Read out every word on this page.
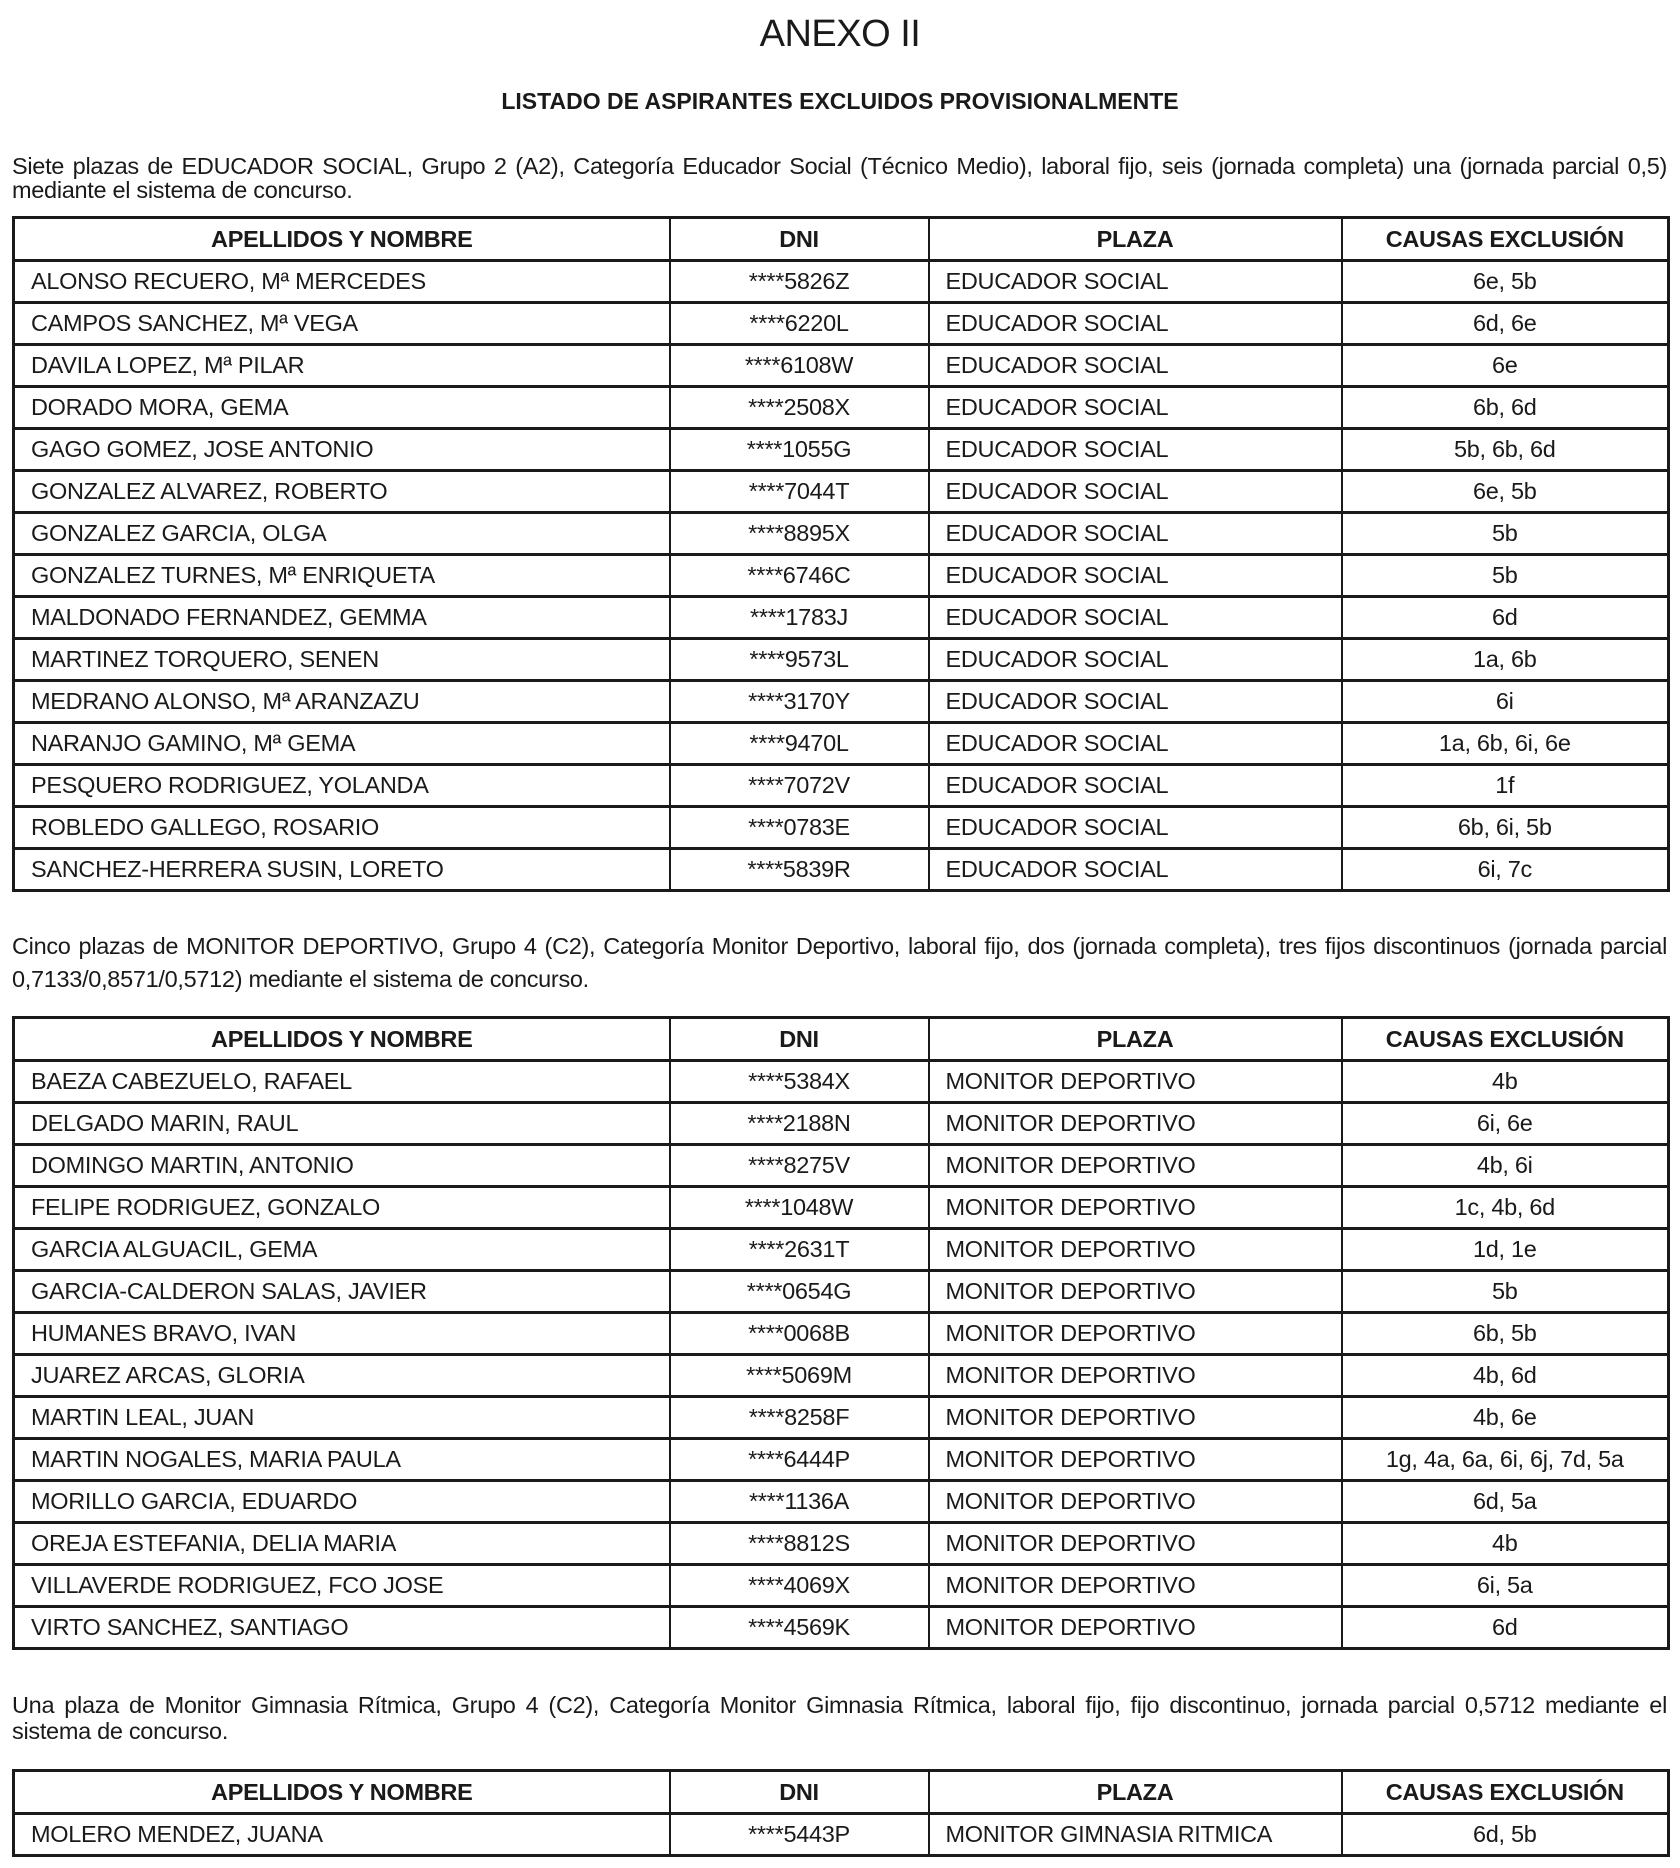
ANEXO II
LISTADO DE ASPIRANTES EXCLUIDOS PROVISIONALMENTE
Siete plazas de EDUCADOR SOCIAL, Grupo 2 (A2), Categoría Educador Social (Técnico Medio), laboral fijo, seis (jornada completa) una (jornada parcial 0,5) mediante el sistema de concurso.
APELLIDOS Y NOMBRE	DNI	PLAZA	CAUSAS EXCLUSIÓN
ALONSO RECUERO, Mª MERCEDES	****5826Z	EDUCADOR SOCIAL	6e, 5b
CAMPOS SANCHEZ, Mª VEGA	****6220L	EDUCADOR SOCIAL	6d, 6e
DAVILA LOPEZ, Mª PILAR	****6108W	EDUCADOR SOCIAL	6e
DORADO MORA, GEMA	****2508X	EDUCADOR SOCIAL	6b, 6d
GAGO GOMEZ, JOSE ANTONIO	****1055G	EDUCADOR SOCIAL	5b, 6b, 6d
GONZALEZ ALVAREZ, ROBERTO	****7044T	EDUCADOR SOCIAL	6e, 5b
GONZALEZ GARCIA, OLGA	****8895X	EDUCADOR SOCIAL	5b
GONZALEZ TURNES, Mª ENRIQUETA	****6746C	EDUCADOR SOCIAL	5b
MALDONADO FERNANDEZ, GEMMA	****1783J	EDUCADOR SOCIAL	6d
MARTINEZ TORQUERO, SENEN	****9573L	EDUCADOR SOCIAL	1a, 6b
MEDRANO ALONSO, Mª ARANZAZU	****3170Y	EDUCADOR SOCIAL	6i
NARANJO GAMINO, Mª GEMA	****9470L	EDUCADOR SOCIAL	1a, 6b, 6i, 6e
PESQUERO RODRIGUEZ, YOLANDA	****7072V	EDUCADOR SOCIAL	1f
ROBLEDO GALLEGO, ROSARIO	****0783E	EDUCADOR SOCIAL	6b, 6i, 5b
SANCHEZ-HERRERA SUSIN, LORETO	****5839R	EDUCADOR SOCIAL	6i, 7c
Cinco plazas de MONITOR DEPORTIVO, Grupo 4 (C2), Categoría Monitor Deportivo, laboral fijo, dos (jornada completa), tres fijos discontinuos (jornada parcial 0,7133/0,8571/0,5712) mediante el sistema de concurso.
APELLIDOS Y NOMBRE	DNI	PLAZA	CAUSAS EXCLUSIÓN
BAEZA CABEZUELO, RAFAEL	****5384X	MONITOR DEPORTIVO	4b
DELGADO MARIN, RAUL	****2188N	MONITOR DEPORTIVO	6i, 6e
DOMINGO MARTIN, ANTONIO	****8275V	MONITOR DEPORTIVO	4b, 6i
FELIPE RODRIGUEZ, GONZALO	****1048W	MONITOR DEPORTIVO	1c, 4b, 6d
GARCIA ALGUACIL, GEMA	****2631T	MONITOR DEPORTIVO	1d, 1e
GARCIA-CALDERON SALAS, JAVIER	****0654G	MONITOR DEPORTIVO	5b
HUMANES BRAVO, IVAN	****0068B	MONITOR DEPORTIVO	6b, 5b
JUAREZ ARCAS, GLORIA	****5069M	MONITOR DEPORTIVO	4b, 6d
MARTIN LEAL, JUAN	****8258F	MONITOR DEPORTIVO	4b, 6e
MARTIN NOGALES, MARIA PAULA	****6444P	MONITOR DEPORTIVO	1g, 4a, 6a, 6i, 6j, 7d, 5a
MORILLO GARCIA, EDUARDO	****1136A	MONITOR DEPORTIVO	6d, 5a
OREJA ESTEFANIA, DELIA MARIA	****8812S	MONITOR DEPORTIVO	4b
VILLAVERDE RODRIGUEZ, FCO JOSE	****4069X	MONITOR DEPORTIVO	6i, 5a
VIRTO SANCHEZ, SANTIAGO	****4569K	MONITOR DEPORTIVO	6d
Una plaza de Monitor Gimnasia Rítmica, Grupo 4 (C2), Categoría Monitor Gimnasia Rítmica, laboral fijo, fijo discontinuo, jornada parcial 0,5712 mediante el sistema de concurso.
APELLIDOS Y NOMBRE	DNI	PLAZA	CAUSAS EXCLUSIÓN
MOLERO MENDEZ, JUANA	****5443P	MONITOR GIMNASIA RITMICA	6d, 5b
